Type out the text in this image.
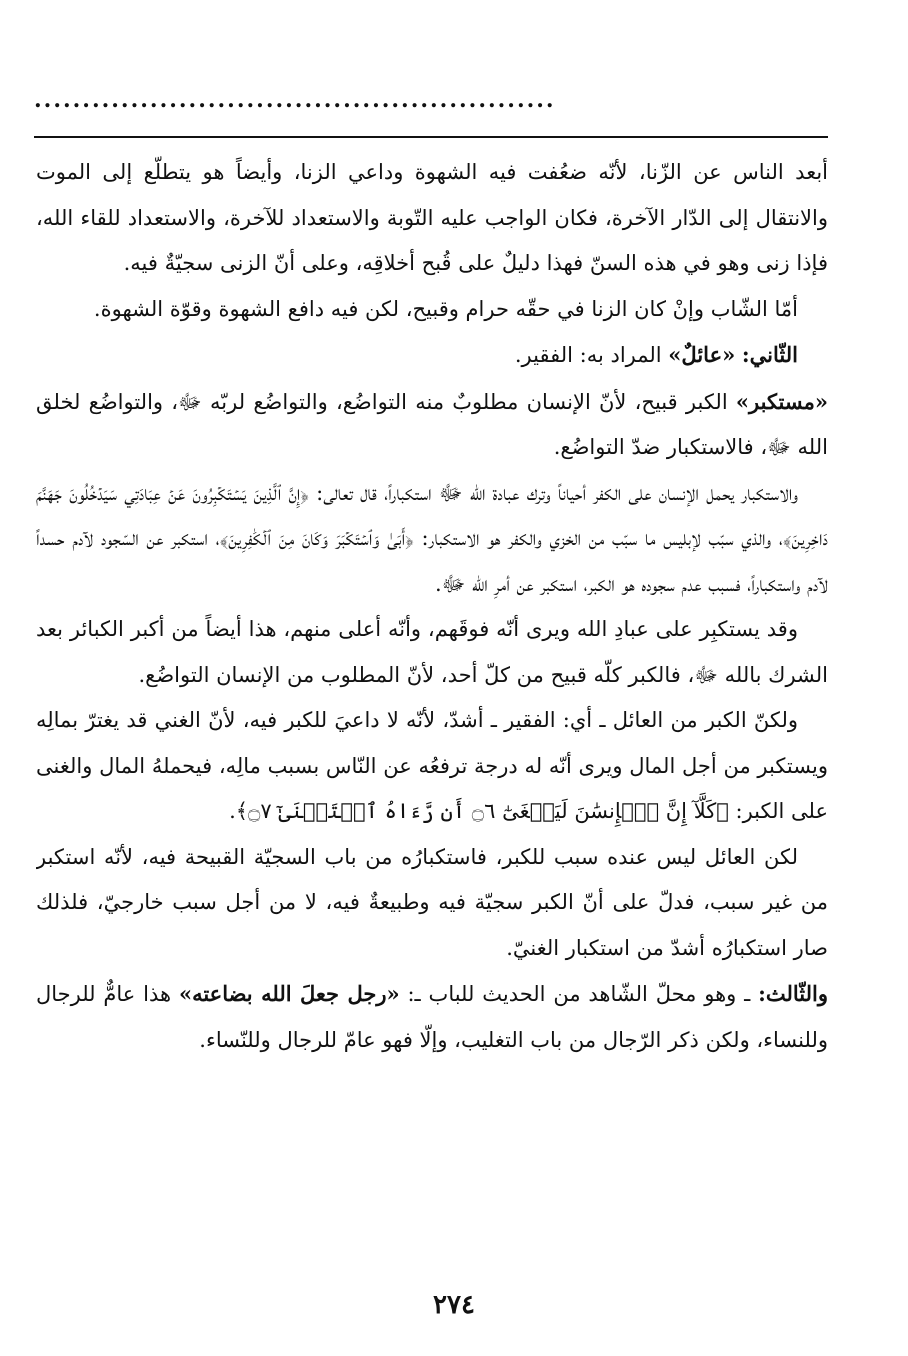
......................................................

أبعد الناس عن الزّنا، لأنّه ضعُفت فيه الشهوة وداعي الزنا، وأيضاً هو يتطلّع إلى الموت والانتقال إلى الدّار الآخرة، فكان الواجب عليه التّوبة والاستعداد للآخرة، والاستعداد للقاء الله، فإذا زنى وهو في هذه السنّ فهذا دليلٌ على قُبح أخلاقِه، وعلى أنّ الزنى سجيّةٌ فيه.

أمّا الشّاب وإنْ كان الزنا في حقّه حرام وقبيح، لكن فيه دافع الشهوة وقوّة الشهوة.

الثّاني: «عائلٌ» المراد به: الفقير.

«مستكبر» الكبر قبيح، لأنّ الإنسان مطلوبٌ منه التواضُع، والتواضُع لربّه ﷻ، والتواضُع لخلق الله ﷻ، فالاستكبار ضدّ التواضُع.

والاستكبار يحمل الإنسان على الكفر أحياناً وترك عبادة الله ﷻ استكباراً، قال تعالى: ﴿إِنَّ ٱلَّذِينَ يَسۡتَكۡبِرُونَ عَنۡ عِبَادَتِي سَيَدۡخُلُونَ جَهَنَّمَ دَاخِرِينَ﴾، والذي سبّب لإبليس ما سبّب من الخزي والكفر هو الاستكبار: ﴿أَبَىٰ وَٱسۡتَكۡبَرَ وَكَانَ مِنَ ٱلۡكَٰفِرِينَ﴾، استكبر عن السّجود لآدم حسداً لآدم واستكباراً، فسبب عدم سجوده هو الكبر، استكبر عن أمرِ الله ﷻ.

وقد يستكبِر على عبادِ الله ويرى أنّه فوقَهم، وأنّه أعلى منهم، هذا أيضاً من أكبر الكبائر بعد الشرك بالله ﷻ، فالكبر كلّه قبيح من كلّ أحد، لأنّ المطلوب من الإنسان التواضُع.

ولكنّ الكبر من العائل ـ أي: الفقير ـ أشدّ، لأنّه لا داعيَ للكبر فيه، لأنّ الغني قد يغترّ بمالِه ويستكبر من أجل المال ويرى أنّه له درجة ترفعُه عن النّاس بسبب مالِه، فيحملهُ المال والغنى على الكبر: ﴿كَلَّآ إِنَّ ٱلۡإِنسَٰنَ لَيَطۡغَىٰٓ ۝٦ أَن رَّءَاهُ ٱسۡتَغۡنَىٰٓ ۝٧﴾.

لكن العائل ليس عنده سبب للكبر، فاستكبارُه من باب السجيّة القبيحة فيه، لأنّه استكبر من غير سبب، فدلّ على أنّ الكبر سجيّة فيه وطبيعةٌ فيه، لا من أجل سبب خارجيّ، فلذلك صار استكبارُه أشدّ من استكبار الغنيّ.

والثّالث: ـ وهو محلّ الشّاهد من الحديث للباب ـ: «رجل جعلَ الله بضاعته» هذا عامٌّ للرجال وللنساء، ولكن ذكر الرّجال من باب التغليب، وإلّا فهو عامّ للرجال وللنّساء.

٢٧٤
